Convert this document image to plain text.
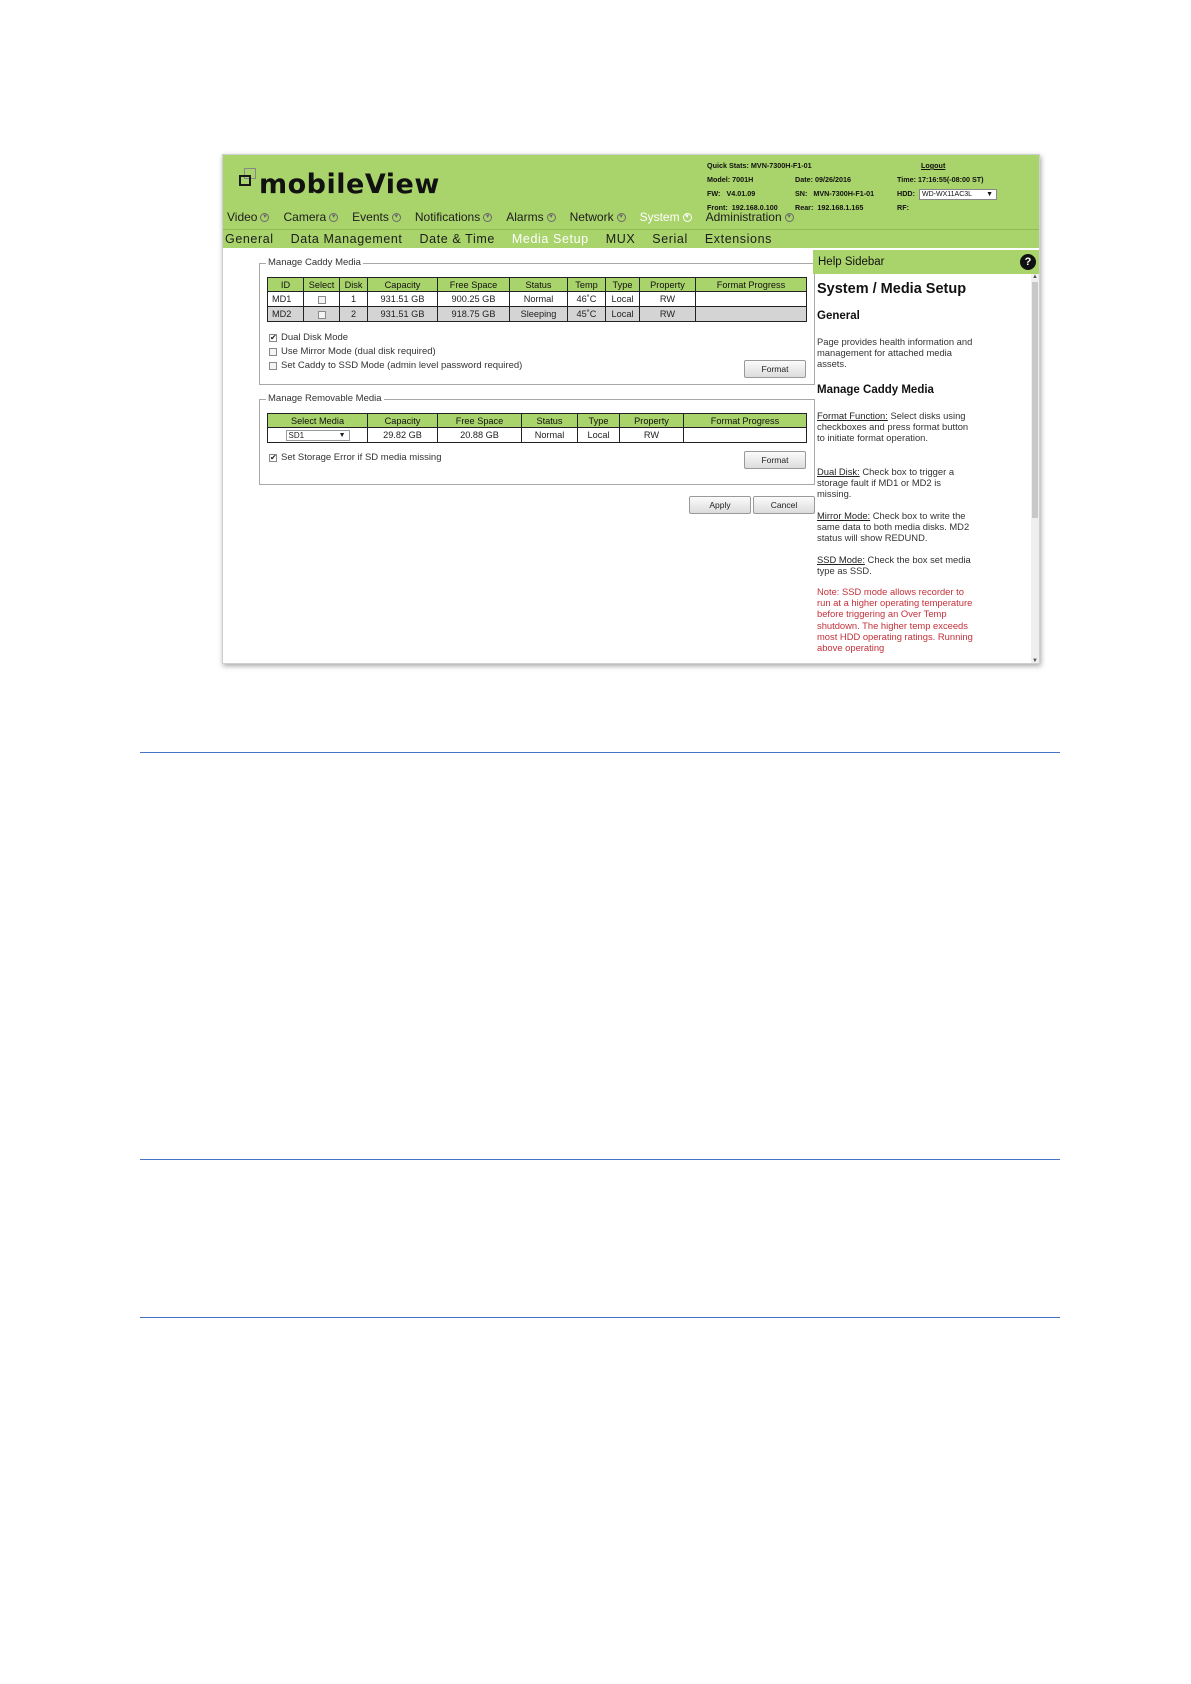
mobileView
Quick Stats: MVN-7300H-F1-01	Logout
Model: 7001H	Date: 09/26/2016	Time: 17:16:55(-08:00 ST)
FW: V4.01.09	SN: MVN-7300H-F1-01	HDD:	WD-WX11AC3L ▼
Front: 192.168.0.100 Rear: 192.168.1.165	RF:
Video ▼ Camera ▼ Events ▼ Notifications ▼ Alarms ▼ Network ▼ System ▼ Administration ▼
General Data Management Date & Time Media Setup MUX Serial Extensions
Manage Caddy Media
ID	Select	Disk	Capacity	Free Space	Status	Temp	Type	Property	Format Progress
MD1		1	931.51 GB	900.25 GB	Normal	46˚C	Local	RW	
MD2		2	931.51 GB	918.75 GB	Sleeping	45˚C	Local	RW	
✔
Dual Disk Mode
Use Mirror Mode (dual disk required)
Set Caddy to SSD Mode (admin level password required)	Format
Manage Removable Media
Select Media	Capacity	Free Space	Status	Type	Property	Format Progress
SD1 ▼	29.82 GB	20.88 GB	Normal	Local	RW	
✔
Set Storage Error if SD media missing	Format
Apply	Cancel
Help Sidebar	?
System / Media Setup
General
Page provides health information and management for attached media assets.
Manage Caddy Media
Format Function: Select disks using checkboxes and press format button to initiate format operation.
Dual Disk: Check box to trigger a storage fault if MD1 or MD2 is missing.
Mirror Mode: Check box to write the same data to both media disks. MD2 status will show REDUND.
SSD Mode: Check the box set media type as SSD.
Note: SSD mode allows recorder to run at a higher operating temperature before triggering an Over Temp shutdown. The higher temp exceeds most HDD operating ratings. Running above operating
▲
▼
